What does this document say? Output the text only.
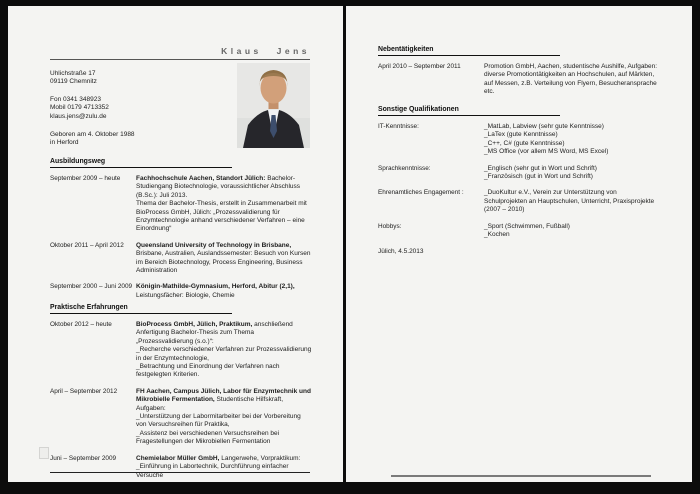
Klaus Jens
Uhlichstraße 17
09119 Chemnitz
Fon 0341 348923
Mobil 0179 4713352
klaus.jens@zulu.de
Geboren am 4. Oktober 1988
in Herford
Ausbildungsweg
September 2009 – heute	Fachhochschule Aachen, Standort Jülich: Bachelor-Studiengang Biotechnologie, voraussichtlicher Abschluss (B.Sc.): Juli 2013.
Thema der Bachelor-Thesis, erstellt in Zusammenarbeit mit BioProcess GmbH, Jülich: „Prozessvalidierung für Enzymtechnologie anhand verschiedener Verfahren – eine Einordnung“
Oktober 2011 – April 2012	Queensland University of Technology in Brisbane, Brisbane, Australien, Auslandssemester: Besuch von Kursen im Bereich Biotechnology, Process Engineering, Business Administration
September 2000 – Juni 2009 Königin-Mathilde-Gymnasium, Herford, Abitur (2,1), Leistungsfächer: Biologie, Chemie
Praktische Erfahrungen
Oktober 2012 – heute	BioProcess GmbH, Jülich, Praktikum, anschließend Anfertigung Bachelor-Thesis zum Thema „Prozessvalidierung (s.o.)“:
_Recherche verschiedener Verfahren zur Prozessvalidierung in der Enzymtechnologie,
_Betrachtung und Einordnung der Verfahren nach festgelegten Kriterien.
April – September 2012	FH Aachen, Campus Jülich, Labor für Enzymtechnik und Mikrobielle Fermentation, Studentische Hilfskraft, Aufgaben:
_Unterstützung der Labormitarbeiter bei der Vorbereitung von Versuchsreihen für Praktika,
_Assistenz bei verschiedenen Versuchsreihen bei Fragestellungen der Mikrobiellen Fermentation
Juni – September 2009	Chemielabor Müller GmbH, Langerwehe, Vorpraktikum:
_Einführung in Labortechnik, Durchführung einfacher Versuche
Nebentätigkeiten
April 2010 – September 2011	Promotion GmbH, Aachen, studentische Aushilfe, Aufgaben: diverse Promotiontätigkeiten an Hochschulen, auf Märkten, auf Messen, z.B. Verteilung von Flyern, Besucheransprache etc.
Sonstige Qualifikationen
IT-Kenntnisse:	_MatLab, Labview (sehr gute Kenntnisse)
_LaTex (gute Kenntnisse)
_C++, C# (gute Kenntnisse)
_MS Office (vor allem MS Word, MS Excel)
Sprachkenntnisse:	_Englisch (sehr gut in Wort und Schrift)
_Französisch (gut in Wort und Schrift)
Ehrenamtliches Engagement :	_DuoKultur e.V., Verein zur Unterstützung von Schulprojekten an Hauptschulen, Unterricht, Praxisprojekte (2007 – 2010)
Hobbys:	_Sport (Schwimmen, Fußball)
_Kochen
Jülich, 4.5.2013
